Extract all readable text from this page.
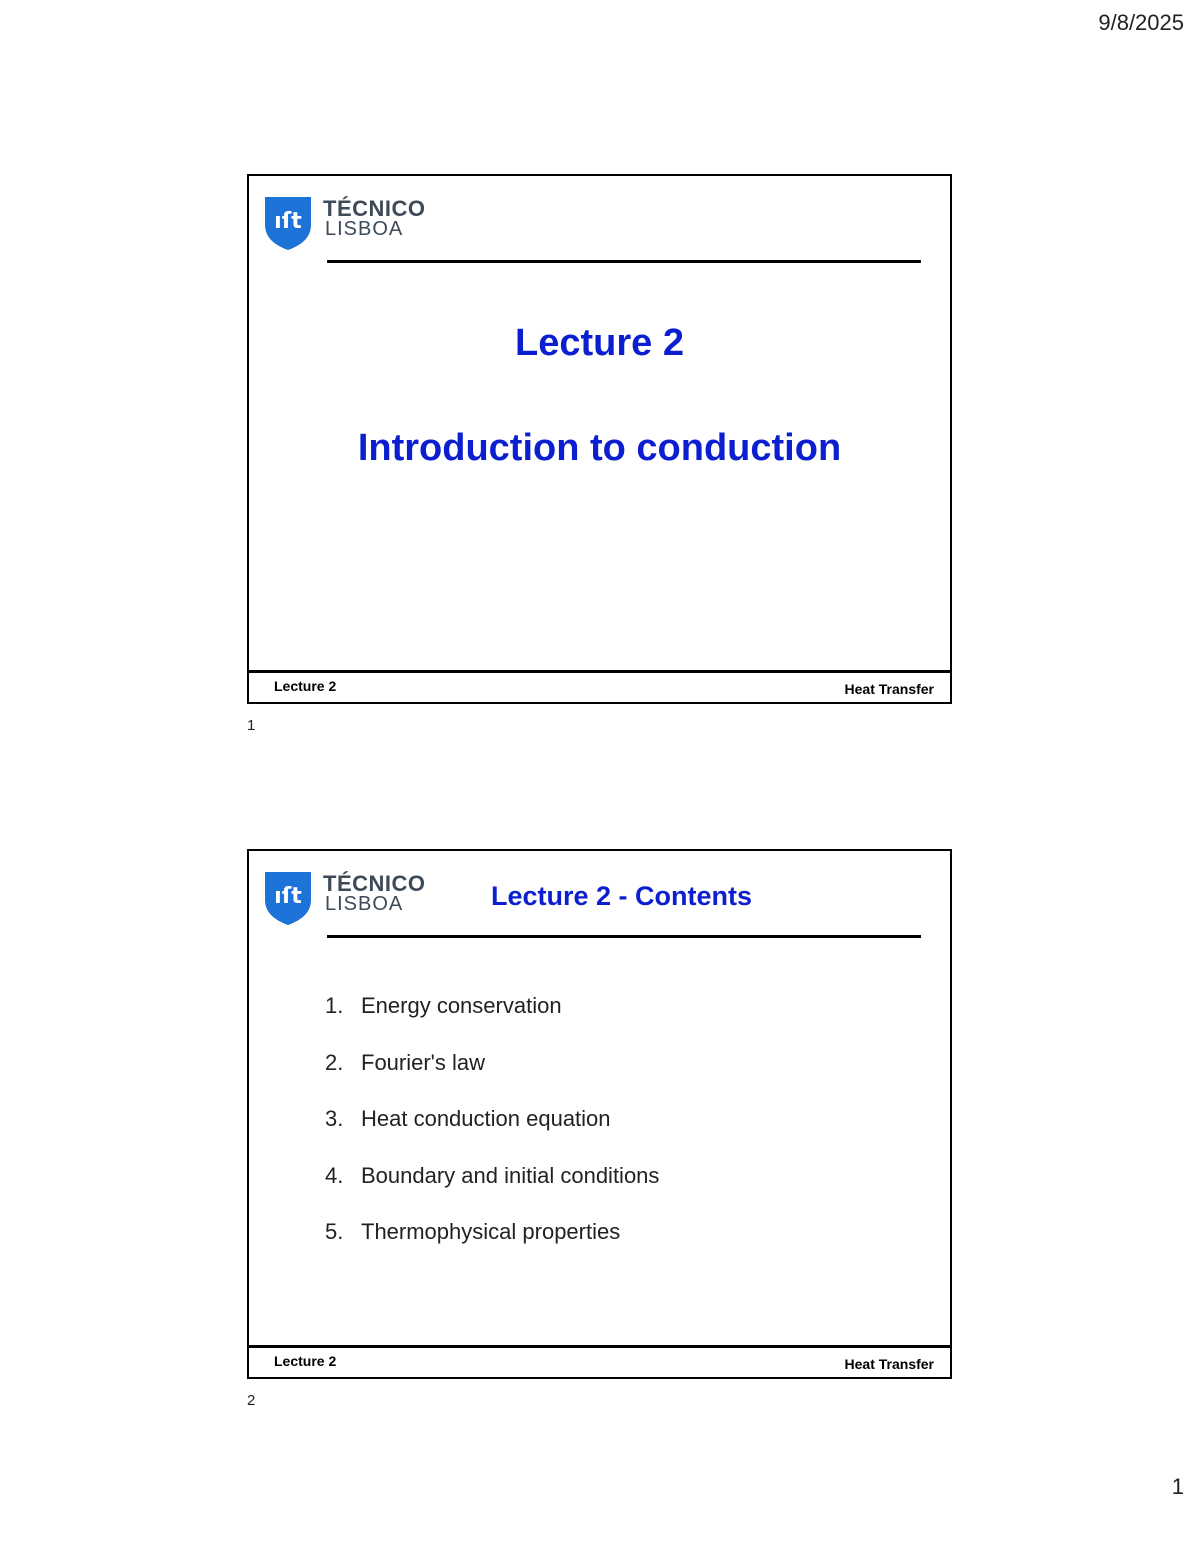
9/8/2025
ıſt
TÉCNICO
LISBOA
Lecture 2
Introduction to conduction
Lecture 2	Heat Transfer
1
ıſt
TÉCNICO
LISBOA	Lecture 2 - Contents
1. Energy conservation
2. Fourier's law
3. Heat conduction equation
4. Boundary and initial conditions
5. Thermophysical properties
Lecture 2	Heat Transfer
2
1
